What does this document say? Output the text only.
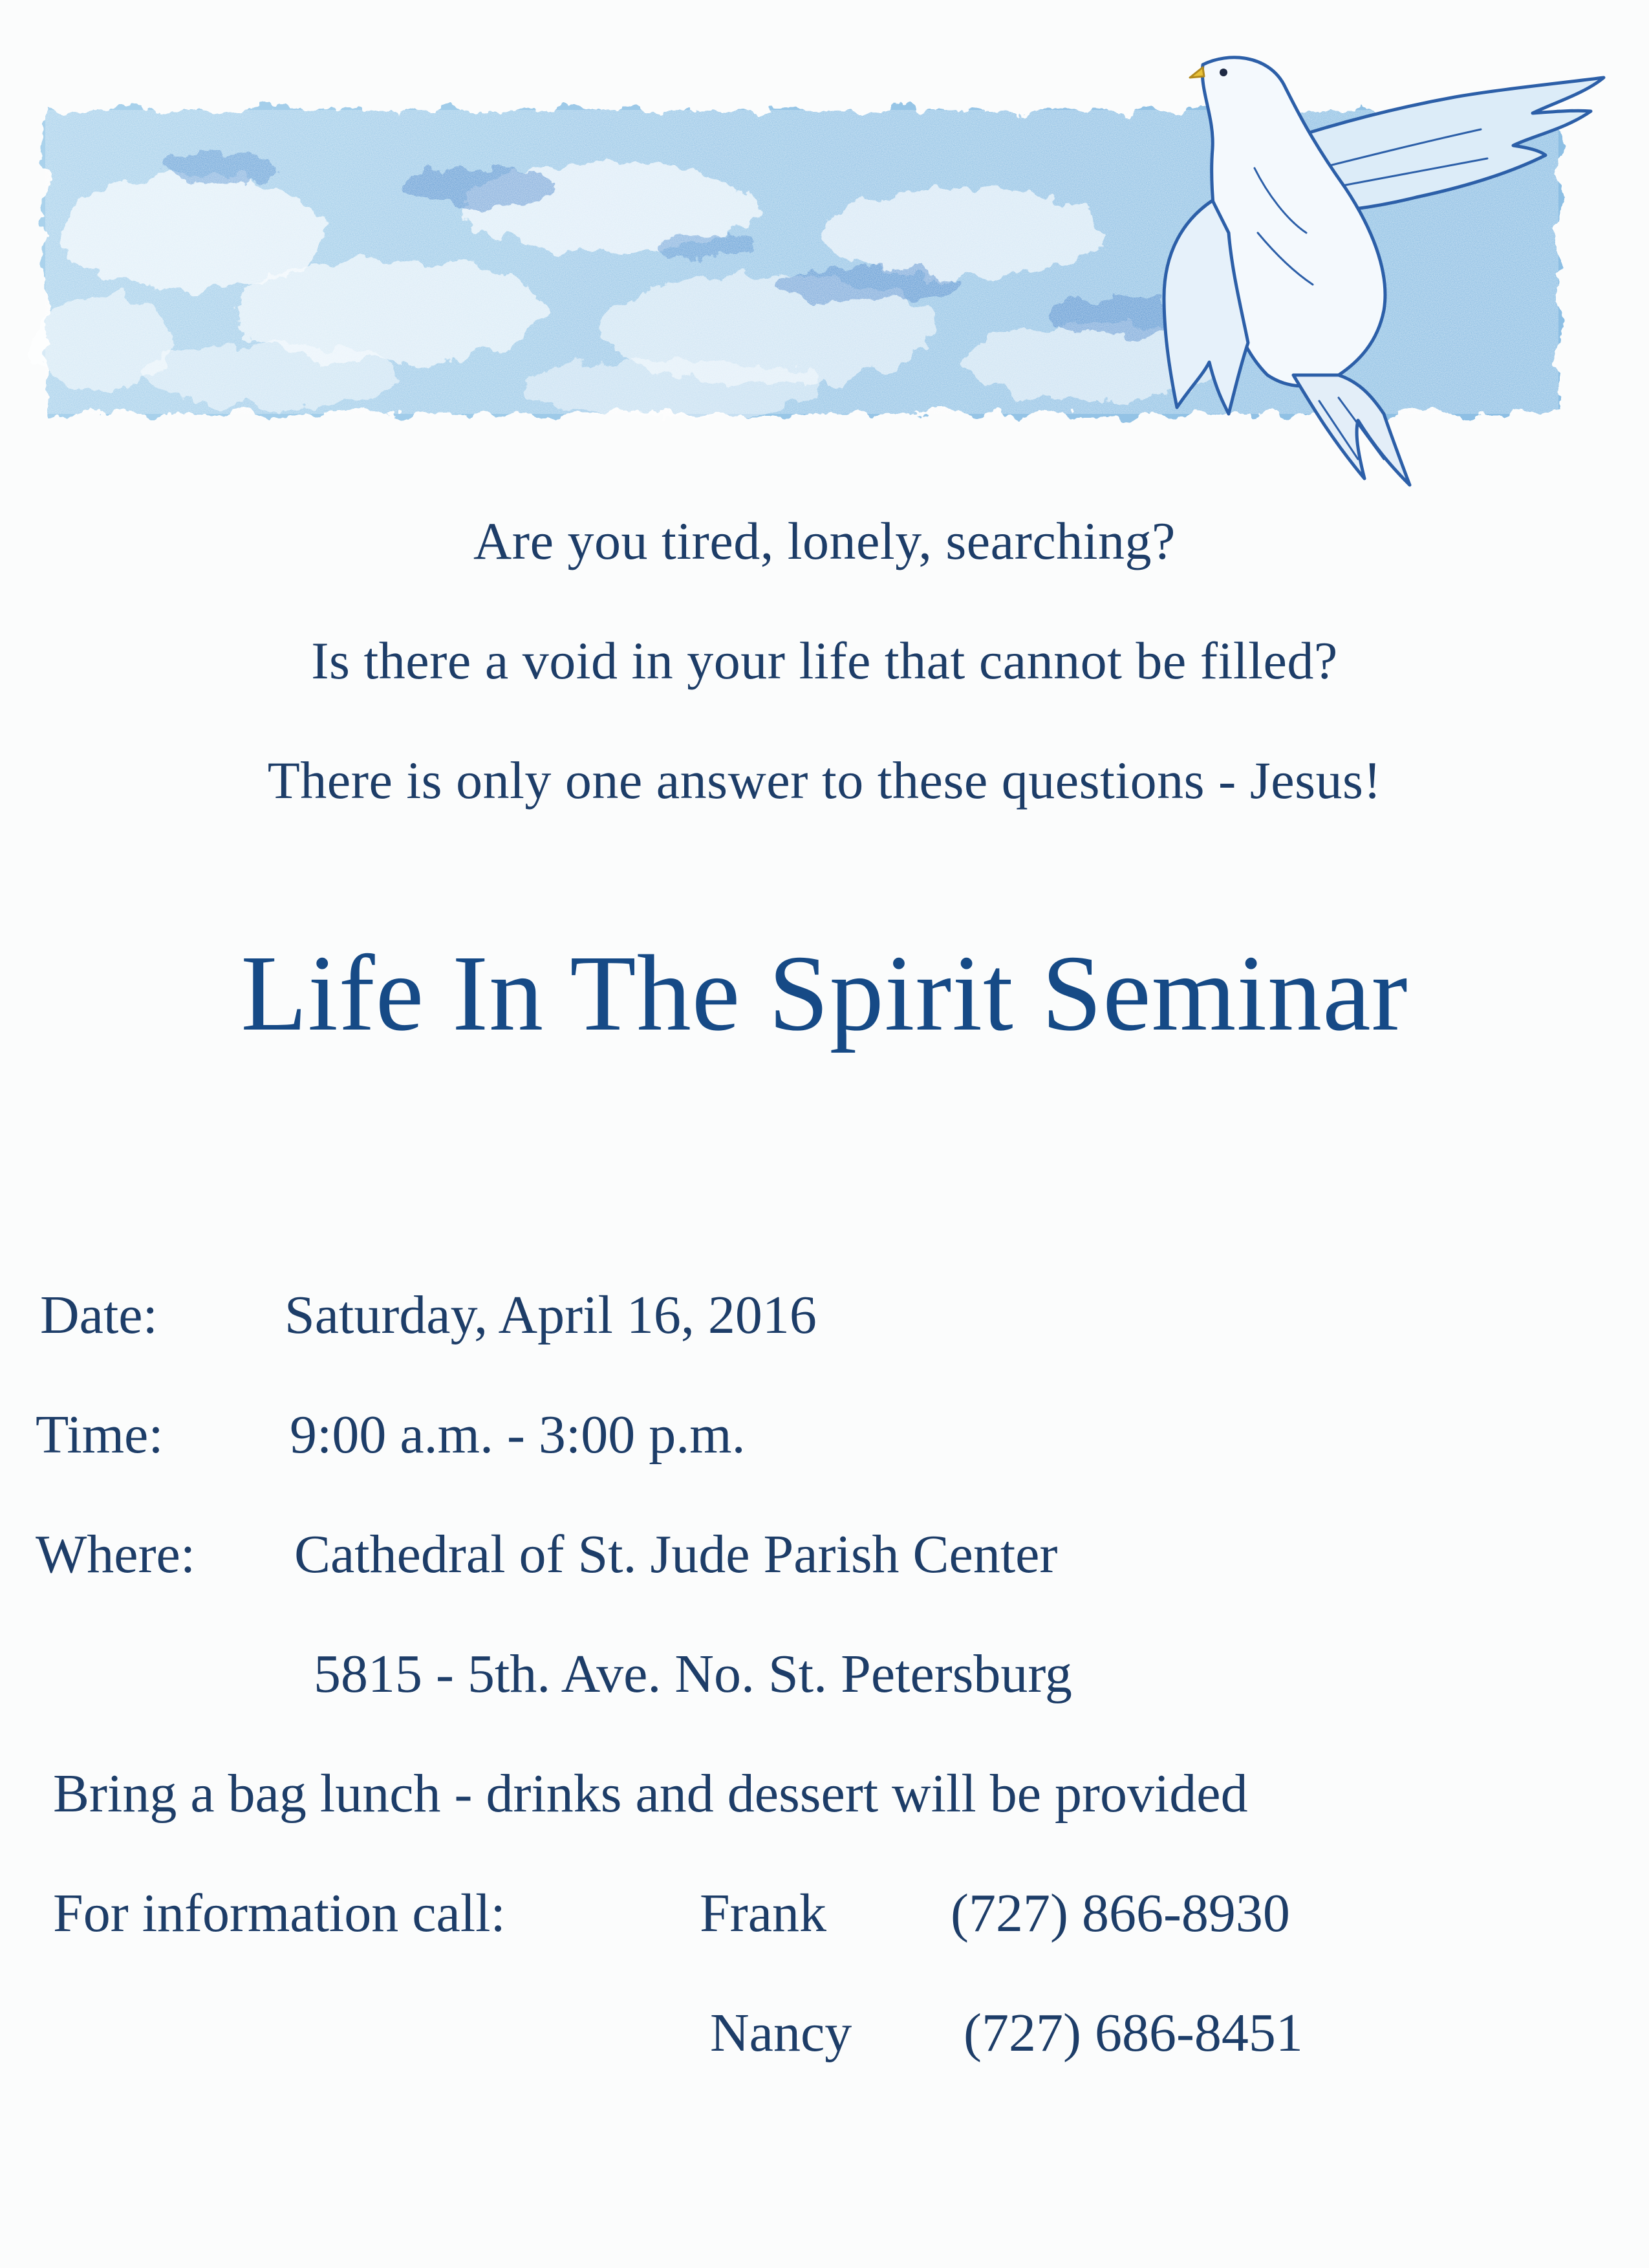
Are you tired, lonely, searching?
Is there a void in your life that cannot be filled?
There is only one answer to these questions - Jesus!
Life In The Spirit Seminar
Date: Saturday, April 16, 2016
Time: 9:00 a.m. - 3:00 p.m.
Where: Cathedral of St. Jude Parish Center
5815 - 5th. Ave. No. St. Petersburg
Bring a bag lunch - drinks and dessert will be provided
For information call:	Frank (727) 866-8930
Nancy (727) 686-8451
